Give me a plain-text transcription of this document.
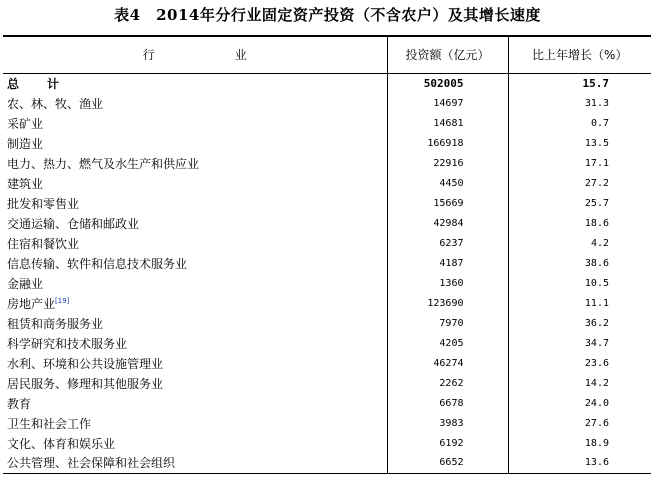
表4　2014年分行业固定资产投资（不含农户）及其增长速度
行业	投资额（亿元）	比上年增长（%）
总计	502005	15.7
农、林、牧、渔业	14697	31.3
采矿业	14681	0.7
制造业	166918	13.5
电力、热力、燃气及水生产和供应业	22916	17.1
建筑业	4450	27.2
批发和零售业	15669	25.7
交通运输、仓储和邮政业	42984	18.6
住宿和餐饮业	6237	4.2
信息传输、软件和信息技术服务业	4187	38.6
金融业	1360	10.5
房地产业[19]	123690	11.1
租赁和商务服务业	7970	36.2
科学研究和技术服务业	4205	34.7
水利、环境和公共设施管理业	46274	23.6
居民服务、修理和其他服务业	2262	14.2
教育	6678	24.0
卫生和社会工作	3983	27.6
文化、体育和娱乐业	6192	18.9
公共管理、社会保障和社会组织	6652	13.6
